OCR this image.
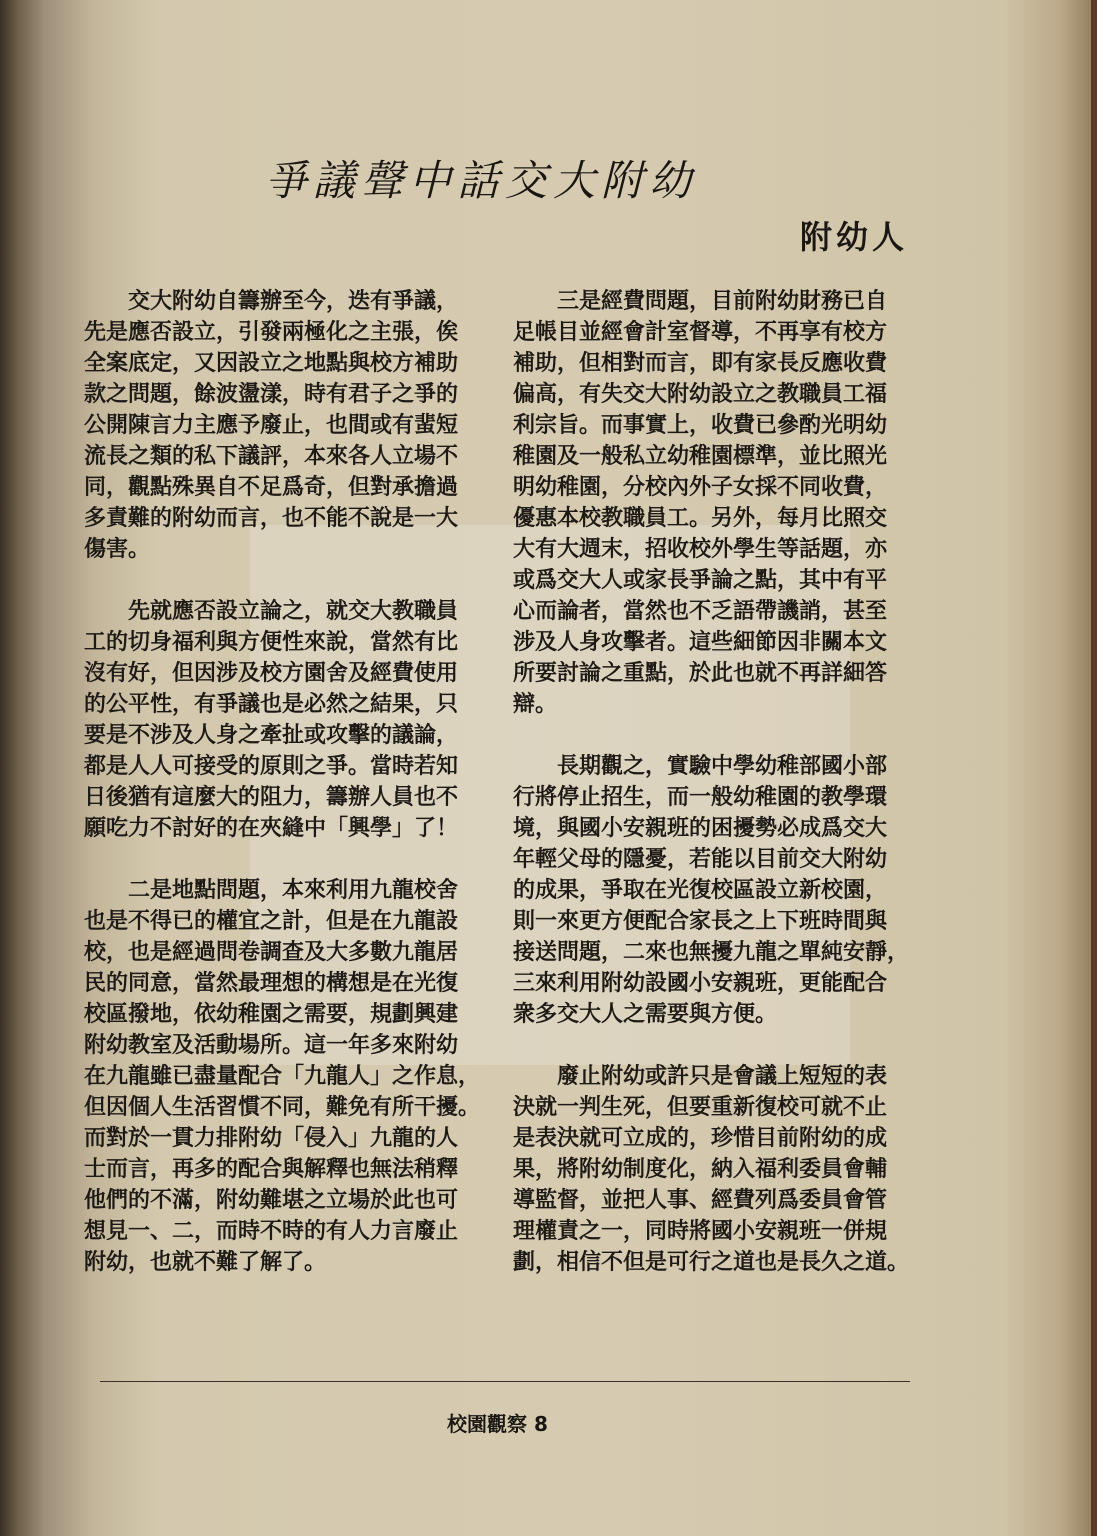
爭議聲中話交大附幼
附幼人
　　交大附幼自籌辦至今，迭有爭議，
先是應否設立，引發兩極化之主張，俟
全案底定，又因設立之地點與校方補助
款之問題，餘波盪漾，時有君子之爭的
公開陳言力主應予廢止，也間或有蜚短
流長之類的私下議評，本來各人立場不
同，觀點殊異自不足爲奇，但對承擔過
多責難的附幼而言，也不能不說是一大
傷害。
　　先就應否設立論之，就交大教職員
工的切身福利與方便性來說，當然有比
沒有好，但因涉及校方園舍及經費使用
的公平性，有爭議也是必然之結果，只
要是不涉及人身之牽扯或攻擊的議論，
都是人人可接受的原則之爭。當時若知
日後猶有這麼大的阻力，籌辦人員也不
願吃力不討好的在夾縫中「興學」了！
　　二是地點問題，本來利用九龍校舍
也是不得已的權宜之計，但是在九龍設
校，也是經過問卷調查及大多數九龍居
民的同意，當然最理想的構想是在光復
校區撥地，依幼稚園之需要，規劃興建
附幼教室及活動場所。這一年多來附幼
在九龍雖已盡量配合「九龍人」之作息，
但因個人生活習慣不同，難免有所干擾。
而對於一貫力排附幼「侵入」九龍的人
士而言，再多的配合與解釋也無法稍釋
他們的不滿，附幼難堪之立場於此也可
想見一、二，而時不時的有人力言廢止
附幼，也就不難了解了。
　　三是經費問題，目前附幼財務已自
足帳目並經會計室督導，不再享有校方
補助，但相對而言，即有家長反應收費
偏高，有失交大附幼設立之教職員工福
利宗旨。而事實上，收費已參酌光明幼
稚園及一般私立幼稚園標準，並比照光
明幼稚園，分校內外子女採不同收費，
優惠本校教職員工。另外，每月比照交
大有大週末，招收校外學生等話題，亦
或爲交大人或家長爭論之點，其中有平
心而論者，當然也不乏語帶譏誚，甚至
涉及人身攻擊者。這些細節因非關本文
所要討論之重點，於此也就不再詳細答
辯。
　　長期觀之，實驗中學幼稚部國小部
行將停止招生，而一般幼稚園的教學環
境，與國小安親班的困擾勢必成爲交大
年輕父母的隱憂，若能以目前交大附幼
的成果，爭取在光復校區設立新校園，
則一來更方便配合家長之上下班時間與
接送問題，二來也無擾九龍之單純安靜，
三來利用附幼設國小安親班，更能配合
衆多交大人之需要與方便。
　　廢止附幼或許只是會議上短短的表
決就一判生死，但要重新復校可就不止
是表決就可立成的，珍惜目前附幼的成
果，將附幼制度化，納入福利委員會輔
導監督，並把人事、經費列爲委員會管
理權責之一，同時將國小安親班一併規
劃，相信不但是可行之道也是長久之道。
校園觀察 8
